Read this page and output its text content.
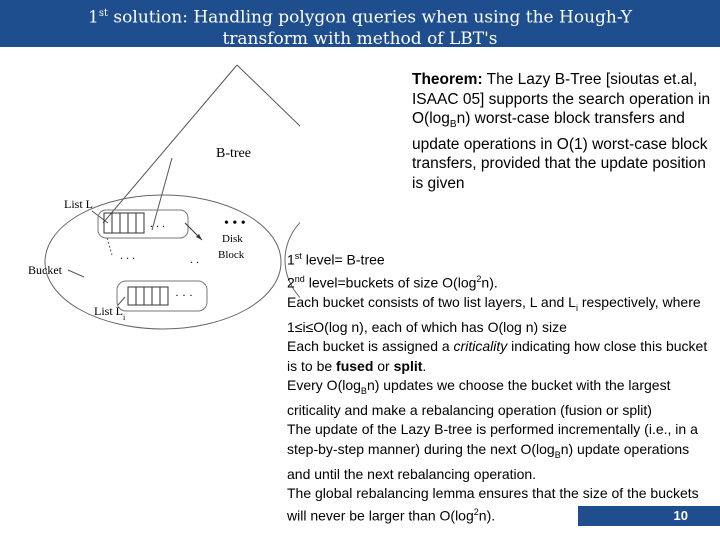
1st solution: Handling polygon queries when using the Hough-Y
transform with method of LBT's
B-tree
List L
. . .	• • •
. . .	. .
Disk
Block
Bucket
· · ·
List $L_i$
Theorem: The Lazy B-Tree [sioutas et.al, ISAAC 05] supports the search operation in $O(\log_Bn)$ worst-case block transfers and update operations in O(1) worst-case block transfers, provided that the update position is given
1st level= B-tree
2nd level=buckets of size $O(\log^2n)$.
Each bucket consists of two list layers, L and $L_i$ respectively, where 1≤i≤O(log n), each of which has O(log n) size
Each bucket is assigned a criticality indicating how close this bucket is to be fused or split.
Every $O(\log_Bn)$ updates we choose the bucket with the largest criticality and make a rebalancing operation (fusion or split)
The update of the Lazy B-tree is performed incrementally (i.e., in a step-by-step manner) during the next $O(\log_Bn)$ update operations and until the next rebalancing operation.
The global rebalancing lemma ensures that the size of the buckets will never be larger than $O(\log^2n)$.	10
